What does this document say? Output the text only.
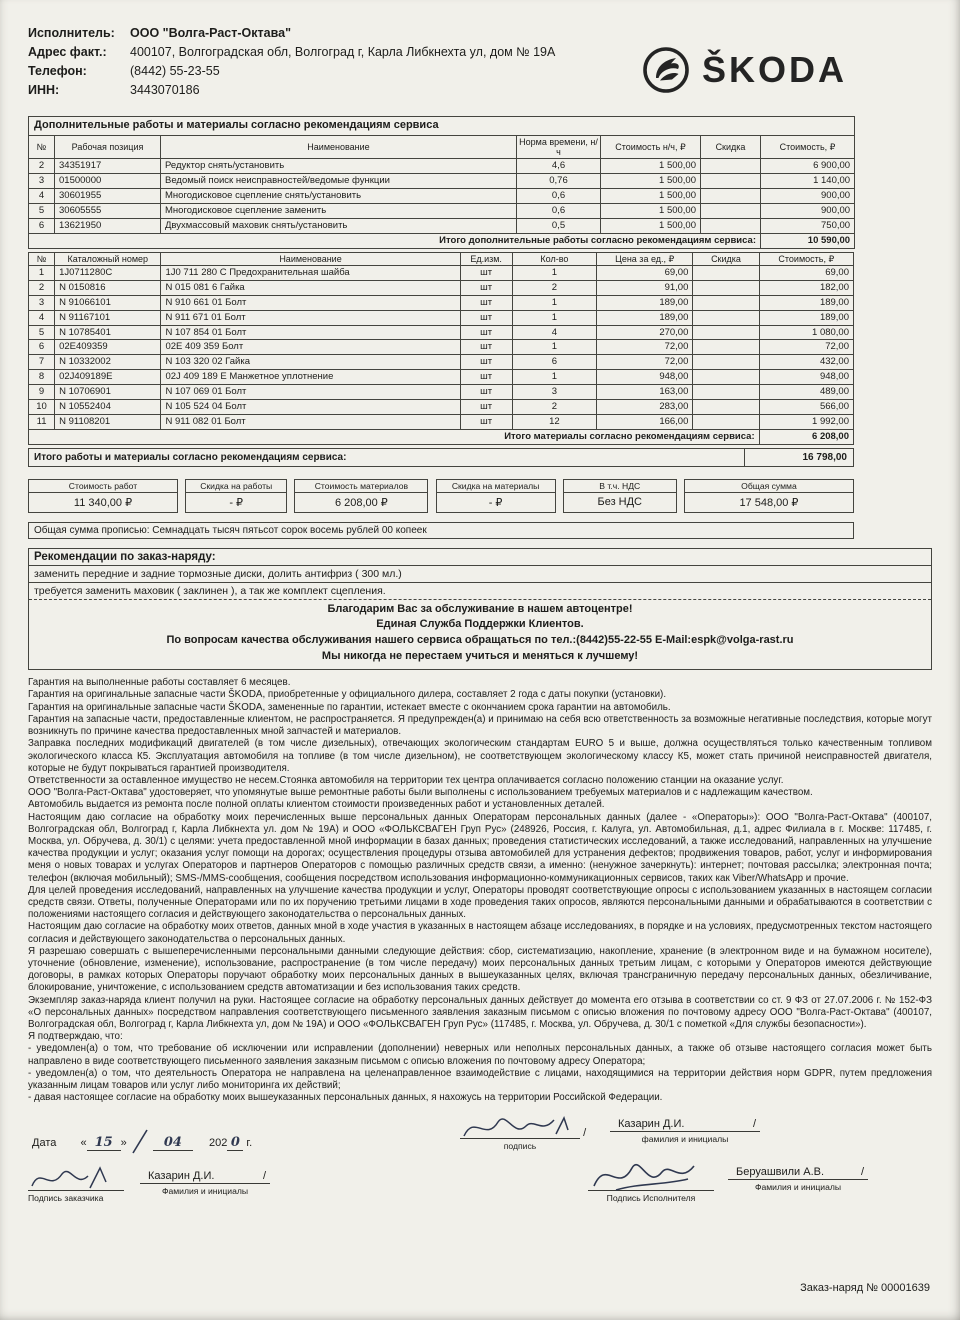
Исполнитель:	ООО "Волга-Раст-Октава"
Адрес факт.:	400107, Волгоградская обл, Волгоград г, Карла Либкнехта ул, дом № 19А
Телефон:	(8442) 55-23-55
ИНН:	3443070186	ŠKODA
Дополнительные работы и материалы согласно рекомендациям сервиса						
№	Рабочая позиция	Наименование	Норма времени, н/ч	Стоимость н/ч, ₽	Скидка	Стоимость, ₽
2	34351917	Редуктор снять/установить	4,6	1 500,00		6 900,00
3	01500000	Ведомый поиск неисправностей/ведомые функции	0,76	1 500,00		1 140,00
4	30601955	Многодисковое сцепление снять/установить	0,6	1 500,00		900,00
5	30605555	Многодисковое сцепление заменить	0,6	1 500,00		900,00
6	13621950	Двухмассовый маховик снять/установить	0,5	1 500,00		750,00
Итого дополнительные работы согласно рекомендациям сервиса:						10 590,00
№	Каталожный номер	Наименование	Ед.изм.	Кол-во	Цена за ед., ₽	Скидка	Стоимость, ₽
1	1J0711280C	1J0 711 280 C Предохранительная шайба	шт	1	69,00		69,00
2	N 0150816	N 015 081 6 Гайка	шт	2	91,00		182,00
3	N 91066101	N 910 661 01 Болт	шт	1	189,00		189,00
4	N 91167101	N 911 671 01 Болт	шт	1	189,00		189,00
5	N 10785401	N 107 854 01 Болт	шт	4	270,00		1 080,00
6	02E409359	02E 409 359 Болт	шт	1	72,00		72,00
7	N 10332002	N 103 320 02 Гайка	шт	6	72,00		432,00
8	02J409189E	02J 409 189 E Манжетное уплотнение	шт	1	948,00		948,00
9	N 10706901	N 107 069 01 Болт	шт	3	163,00		489,00
10	N 10552404	N 105 524 04 Болт	шт	2	283,00		566,00
11	N 91108201	N 911 082 01 Болт	шт	12	166,00		1 992,00
Итого материалы согласно рекомендациям сервиса:							6 208,00
Итого работы и материалы согласно рекомендациям сервиса:	16 798,00
Стоимость работ
11 340,00 ₽
Скидка на работы
- ₽
Стоимость материалов
6 208,00 ₽
Скидка на материалы
- ₽
В т.ч. НДС
Без НДС
Общая сумма
17 548,00 ₽
Общая сумма прописью: Семнадцать тысяч пятьсот сорок восемь рублей 00 копеек
Рекомендации по заказ-наряду:

заменить передние и задние тормозные диски, долить антифриз ( 300 мл.)

требуется заменить маховик ( заклинен ), а так же комплект сцепления.

Благодарим Вас за обслуживание в нашем автоцентре!

Единая Служба Поддержки Клиентов.

По вопросам качества обслуживания нашего сервиса обращаться по тел.:(8442)55-22-55 E-Mail:espk@volga-rast.ru

Мы никогда не перестаем учиться и меняться к лучшему!

Гарантия на выполненные работы составляет 6 месяцев.

Гарантия на оригинальные запасные части ŠKODA, приобретенные у официального дилера, составляет 2 года с даты покупки (установки).

Гарантия на оригинальные запасные части ŠKODA, замененные по гарантии, истекает вместе с окончанием срока гарантии на автомобиль.

Гарантия на запасные части, предоставленные клиентом, не распространяется. Я предупрежден(а) и принимаю на себя всю ответственность за возможные негативные последствия, которые могут возникнуть по причине качества предоставленных мной запчастей и материалов.

Заправка последних модификаций двигателей (в том числе дизельных), отвечающих экологическим стандартам EURO 5 и выше, должна осуществляться только качественным топливом экологического класса К5. Эксплуатация автомобиля на топливе (в том числе дизельном), не соответствующем экологическому классу К5, может стать причиной неисправностей двигателя, которые не будут покрываться гарантией производителя.

Ответственности за оставленное имущество не несем.Стоянка автомобиля на территории тех центра оплачивается согласно положению станции на оказание услуг.

ООО "Волга-Раст-Октава" удостоверяет, что упомянутые выше ремонтные работы были выполнены с использованием требуемых материалов и с надлежащим качеством.

Автомобиль выдается из ремонта после полной оплаты клиентом стоимости произведенных работ и установленных деталей.

Настоящим даю согласие на обработку моих перечисленных выше персональных данных Операторам персональных данных (далее - «Операторы»): ООО "Волга-Раст-Октава" (400107, Волгоградская обл, Волгоград г, Карла Либкнехта ул. дом № 19А) и ООО «ФОЛЬКСВАГЕН Груп Рус» (248926, Россия, г. Калуга, ул. Автомобильная, д.1, адрес Филиала в г. Москве: 117485, г. Москва, ул. Обручева, д. 30/1) с целями: учета предоставленной мной информации в базах данных; проведения статистических исследований, а также исследований, направленных на улучшение качества продукции и услуг; оказания услуг помощи на дорогах; осуществления процедуры отзыва автомобилей для устранения дефектов; продвижения товаров, работ, услуг и информирования меня о новых товарах и услугах Операторов и партнеров Операторов с помощью различных средств связи, а именно: (ненужное зачеркнуть): интернет; почтовая рассылка; электронная почта; телефон (включая мобильный); SMS-/MMS-сообщения, сообщения посредством использования информационно-коммуникационных сервисов, таких как Viber/WhatsApp и прочие.

Для целей проведения исследований, направленных на улучшение качества продукции и услуг, Операторы проводят соответствующие опросы с использованием указанных в настоящем согласии средств связи. Ответы, полученные Операторами или по их поручению третьими лицами в ходе проведения таких опросов, являются персональными данными и обрабатываются в соответствии с положениями настоящего согласия и действующего законодательства о персональных данных.

Настоящим даю согласие на обработку моих ответов, данных мной в ходе участия в указанных в настоящем абзаце исследованиях, в порядке и на условиях, предусмотренных текстом настоящего согласия и действующего законодательства о персональных данных.

Я разрешаю совершать с вышеперечисленными персональными данными следующие действия: сбор, систематизацию, накопление, хранение (в электронном виде и на бумажном носителе), уточнение (обновление, изменение), использование, распространение (в том числе передачу) моих персональных данных третьим лицам, с которыми у Операторов имеются действующие договоры, в рамках которых Операторы поручают обработку моих персональных данных в вышеуказанных целях, включая трансграничную передачу персональных данных, обезличивание, блокирование, уничтожение, с использованием средств автоматизации и без использования таких средств.

Экземпляр заказ-наряда клиент получил на руки. Настоящее согласие на обработку персональных данных действует до момента его отзыва в соответствии со ст. 9 ФЗ от 27.07.2006 г. № 152-ФЗ «О персональных данных» посредством направления соответствующего письменного заявления заказным письмом с описью вложения по почтовому адресу ООО "Волга-Раст-Октава" (400107, Волгоградская обл, Волгоград г, Карла Либкнехта ул, дом № 19А) и ООО «ФОЛЬКСВАГЕН Груп Рус» (117485, г. Москва, ул. Обручева, д. 30/1 с пометкой «Для службы безопасности»).

Я подтверждаю, что:

- уведомлен(а) о том, что требование об исключении или исправлении (дополнении) неверных или неполных персональных данных, а также об отзыве настоящего согласия может быть направлено в виде соответствующего письменного заявления заказным письмом с описью вложения по почтовому адресу Оператора;

- уведомлен(а) о том, что деятельность Оператора не направлена на целенаправленное взаимодействие с лицами, находящимися на территории действия норм GDPR, путем предложения указанным лицам товаров или услуг либо мониторинга их действий;

- давая настоящее согласие на обработку моих вышеуказанных персональных данных, я нахожусь на территории Российской Федерации.

Дата « 15 »	04 202 0 г.
/
подпись
Казарин Д.И.	/
фамилия и инициалы
Подпись заказчика
Казарин Д.И.	/
Фамилия и инициалы
Подпись Исполнителя
Беруашвили А.В.	/
Фамилия и инициалы
Заказ-наряд № 00001639
